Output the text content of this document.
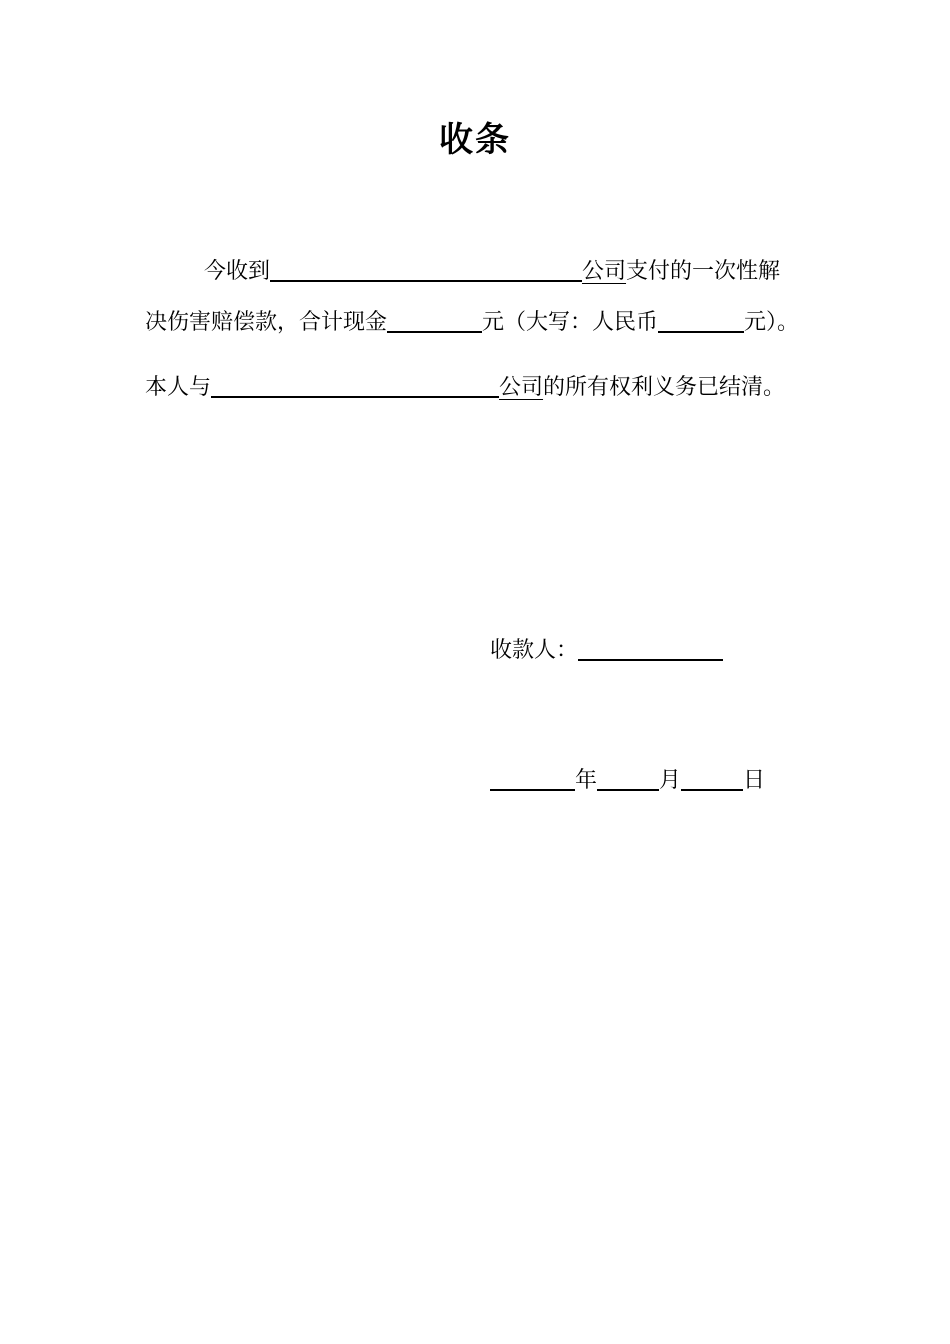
收条
今收到	公司支付的一次性解
决伤害赔偿款，合计现金	元（大写：人民币	元）。
本人与	公司的所有权利义务已结清。
收款人：
年	月	日
